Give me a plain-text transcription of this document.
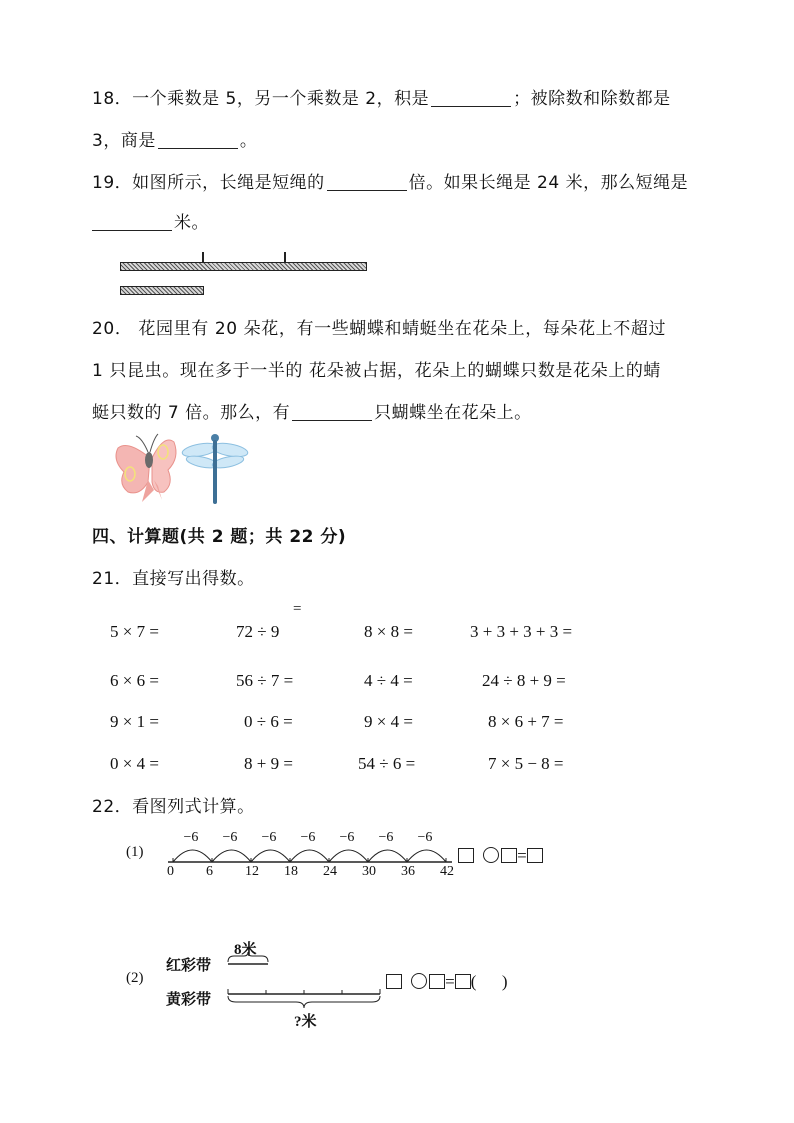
18．一个乘数是 5，另一个乘数是 2，积是	；被除数和除数都是
3，商是	。
19．如图所示，长绳是短绳的	倍。如果长绳是 24 米，那么短绳是
米。
20． 花园里有 20 朵花，有一些蝴蝶和蜻蜓坐在花朵上，每朵花上不超过
1 只昆虫。现在多于一半的 花朵被占据，花朵上的蝴蝶只数是花朵上的蜻
蜓只数的 7 倍。那么，有	只蝴蝶坐在花朵上。
四、计算题(共 2 题；共 22 分)
21．直接写出得数。
=
5 × 7 =	72 ÷ 9	8 × 8 =	3 + 3 + 3 + 3 =
6 × 6 =	56 ÷ 7 =	4 ÷ 4 =	24 ÷ 8 + 9 =
9 × 1 =	0 ÷ 6 =	9 × 4 =	8 × 6 + 7 =
0 × 4 =	8 + 9 =	54 ÷ 6 =	7 × 5 − 8 =
22．看图列式计算。
(1)
−6 −6 −6 −6 −6 −6 −6
0 6 12 18 24 30 36 42
=
(2)
红彩带
8米
黄彩带
?米
= (      )
